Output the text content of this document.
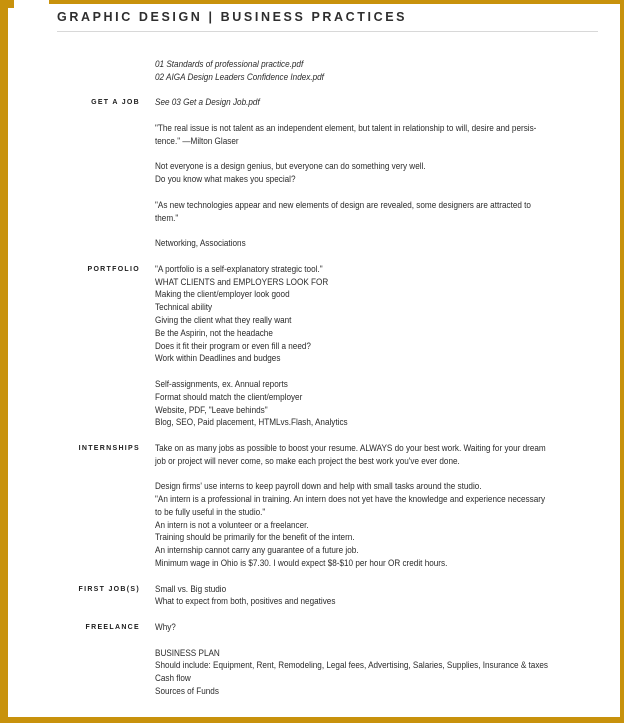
GRAPHIC DESIGN | BUSINESS PRACTICES
01 Standards of professional practice.pdf
02 AIGA Design Leaders Confidence Index.pdf
GET A JOB See 03 Get a Design Job.pdf
"The real issue is not talent as an independent element, but talent in relationship to will, desire and persis-
tence." —Milton Glaser
Not everyone is a design genius, but everyone can do something very well.
Do you know what makes you special?
"As new technologies appear and new elements of design are revealed, some designers are attracted to
them."
Networking, Associations
PORTFOLIO "A portfolio is a self-explanatory strategic tool."
WHAT CLIENTS and EMPLOYERS LOOK FOR
Making the client/employer look good
Technical ability
Giving the client what they really want
Be the Aspirin, not the headache
Does it fit their program or even fill a need?
Work within Deadlines and budges
Self-assignments, ex. Annual reports
Format should match the client/employer
Website, PDF, "Leave behinds"
Blog, SEO, Paid placement, HTMLvs.Flash, Analytics
INTERNSHIPS Take on as many jobs as possible to boost your resume. ALWAYS do your best work. Waiting for your dream
job or project will never come, so make each project the best work you've ever done.
Design firms' use interns to keep payroll down and help with small tasks around the studio.
"An intern is a professional in training. An intern does not yet have the knowledge and experience necessary
to be fully useful in the studio."
An intern is not a volunteer or a freelancer.
Training should be primarily for the benefit of the intern.
An internship cannot carry any guarantee of a future job.
Minimum wage in Ohio is $7.30. I would expect $8-$10 per hour OR credit hours.
FIRST JOB(S) Small vs. Big studio
What to expect from both, positives and negatives
FREELANCE Why?
BUSINESS PLAN
Should include: Equipment, Rent, Remodeling, Legal fees, Advertising, Salaries, Supplies, Insurance & taxes
Cash flow
Sources of Funds
